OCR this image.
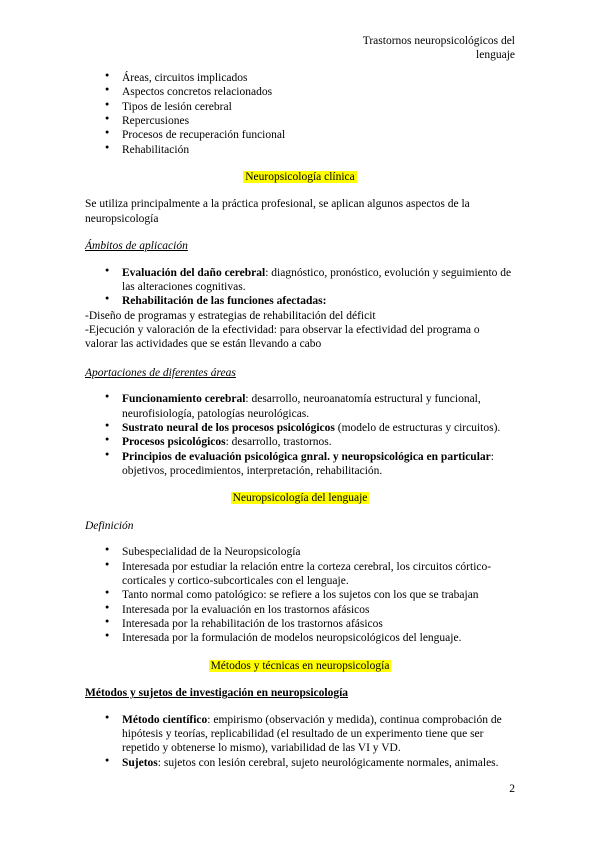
Trastornos neuropsicológicos del lenguaje
● Áreas, circuitos implicados
● Aspectos concretos relacionados
● Tipos de lesión cerebral
● Repercusiones
● Procesos de recuperación funcional
● Rehabilitación
Neuropsicología clínica

Se utiliza principalmente a la práctica profesional, se aplican algunos aspectos de la neuropsicología

Ámbitos de aplicación

● Evaluación del daño cerebral: diagnóstico, pronóstico, evolución y seguimiento de las alteraciones cognitivas.
● Rehabilitación de las funciones afectadas:

-Diseño de programas y estrategias de rehabilitación del déficit

-Ejecución y valoración de la efectividad: para observar la efectividad del programa o valorar las actividades que se están llevando a cabo

Aportaciones de diferentes áreas

● Funcionamiento cerebral: desarrollo, neuroanatomía estructural y funcional, neurofisiología, patologías neurológicas.
● Sustrato neural de los procesos psicológicos (modelo de estructuras y circuitos).
● Procesos psicológicos: desarrollo, trastornos.
● Principios de evaluación psicológica gnral. y neuropsicológica en particular: objetivos, procedimientos, interpretación, rehabilitación.
Neuropsicología del lenguaje

Definición

● Subespecialidad de la Neuropsicología
● Interesada por estudiar la relación entre la corteza cerebral, los circuitos córtico-corticales y cortico-subcorticales con el lenguaje.
● Tanto normal como patológico: se refiere a los sujetos con los que se trabajan
● Interesada por la evaluación en los trastornos afásicos
● Interesada por la rehabilitación de los trastornos afásicos
● Interesada por la formulación de modelos neuropsicológicos del lenguaje.
Métodos y técnicas en neuropsicología

Métodos y sujetos de investigación en neuropsicología

● Método científico: empirismo (observación y medida), continua comprobación de hipótesis y teorías, replicabilidad (el resultado de un experimento tiene que ser repetido y obtenerse lo mismo), variabilidad de las VI y VD.
● Sujetos: sujetos con lesión cerebral, sujeto neurológicamente normales, animales.
2
